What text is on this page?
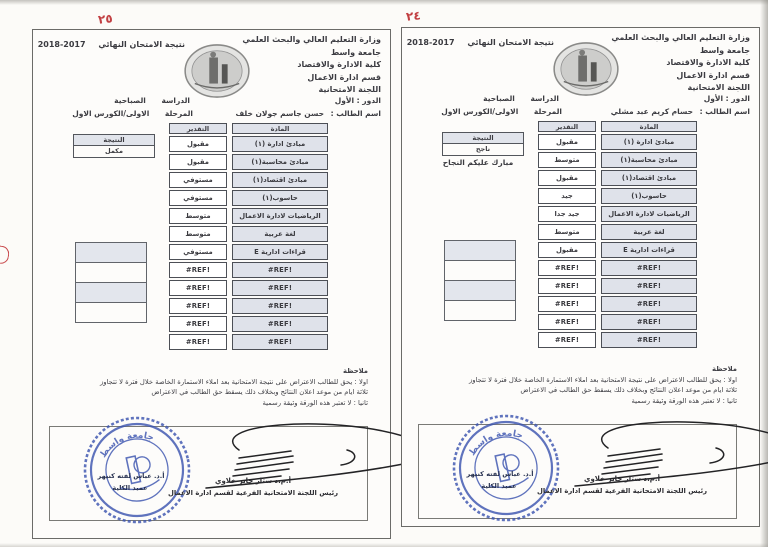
٢٥	٢٤
وزارة التعليم العالي والبحث العلمي
جامعة واسط
كلية الادارة والاقتصاد
قسم ادارة الاعمال
اللجنة الامتحانية
نتيجة الامتحان النهائي 2017-2018
الدور : الأول
اسم الطالب : حسن جاسم جولان خلف
الدراسة الصباحية
المرحلة الاولى/الكورس الاول
النتيجة
مكمل
المادة	التقدير
مبادئ ادارة (١)	مقبول
مبادئ محاسبة(١)	مقبول
مبادئ اقتصاد(١)	مستوفي
حاسوب(١)	مستوفي
الرياضيات لادارة الاعمال	متوسط
لغة عربية	متوسط
قراءات ادارية E	مستوفي
#REF!	#REF!
#REF!	#REF!
#REF!	#REF!
#REF!	#REF!
#REF!	#REF!
ملاحظة
اولا : يحق للطالب الاعتراض على نتيجة الامتحانية بعد املاء الاستمارة الخاصة خلال فترة لا تتجاوز
ثلاثة ايام من موعد اعلان النتائج وبخلاف ذلك يسقط حق الطالب في الاعتراض
ثانيا : لا تعتبر هذه الورقة وثيقة رسمية
جامعة واسط
أ.د. عباس لفته كنيهر
عميد الكلية
أ.م.د ستار جابر خلاوي
رئيس اللجنة الامتحانية الفرعية لقسم ادارة الاعمال
وزارة التعليم العالي والبحث العلمي
جامعة واسط
كلية الادارة والاقتصاد
قسم ادارة الاعمال
اللجنة الامتحانية
نتيجة الامتحان النهائي 2017-2018
الدور : الأول
اسم الطالب : حسام كريم عبد مشلي
الدراسة الصباحية
المرحلة الاولى/الكورس الاول
النتيجة
ناجح
مبارك عليكم النجاح
المادة	التقدير
مبادئ ادارة (١)	مقبول
مبادئ محاسبة(١)	متوسط
مبادئ اقتصاد(١)	مقبول
حاسوب(١)	جيد
الرياضيات لادارة الاعمال	جيد جدا
لغة عربية	متوسط
قراءات ادارية E	مقبول
#REF!	#REF!
#REF!	#REF!
#REF!	#REF!
#REF!	#REF!
#REF!	#REF!
ملاحظة
اولا : يحق للطالب الاعتراض على نتيجة الامتحانية بعد املاء الاستمارة الخاصة خلال فترة لا تتجاوز
ثلاثة ايام من موعد اعلان النتائج وبخلاف ذلك يسقط حق الطالب في الاعتراض
ثانيا : لا تعتبر هذه الورقة وثيقة رسمية
جامعة واسط
أ.د. عباس لفته كنيهر
عميد الكلية
أ.م.د ستار جابر خلاوي
رئيس اللجنة الامتحانية الفرعية لقسم ادارة الاعمال
